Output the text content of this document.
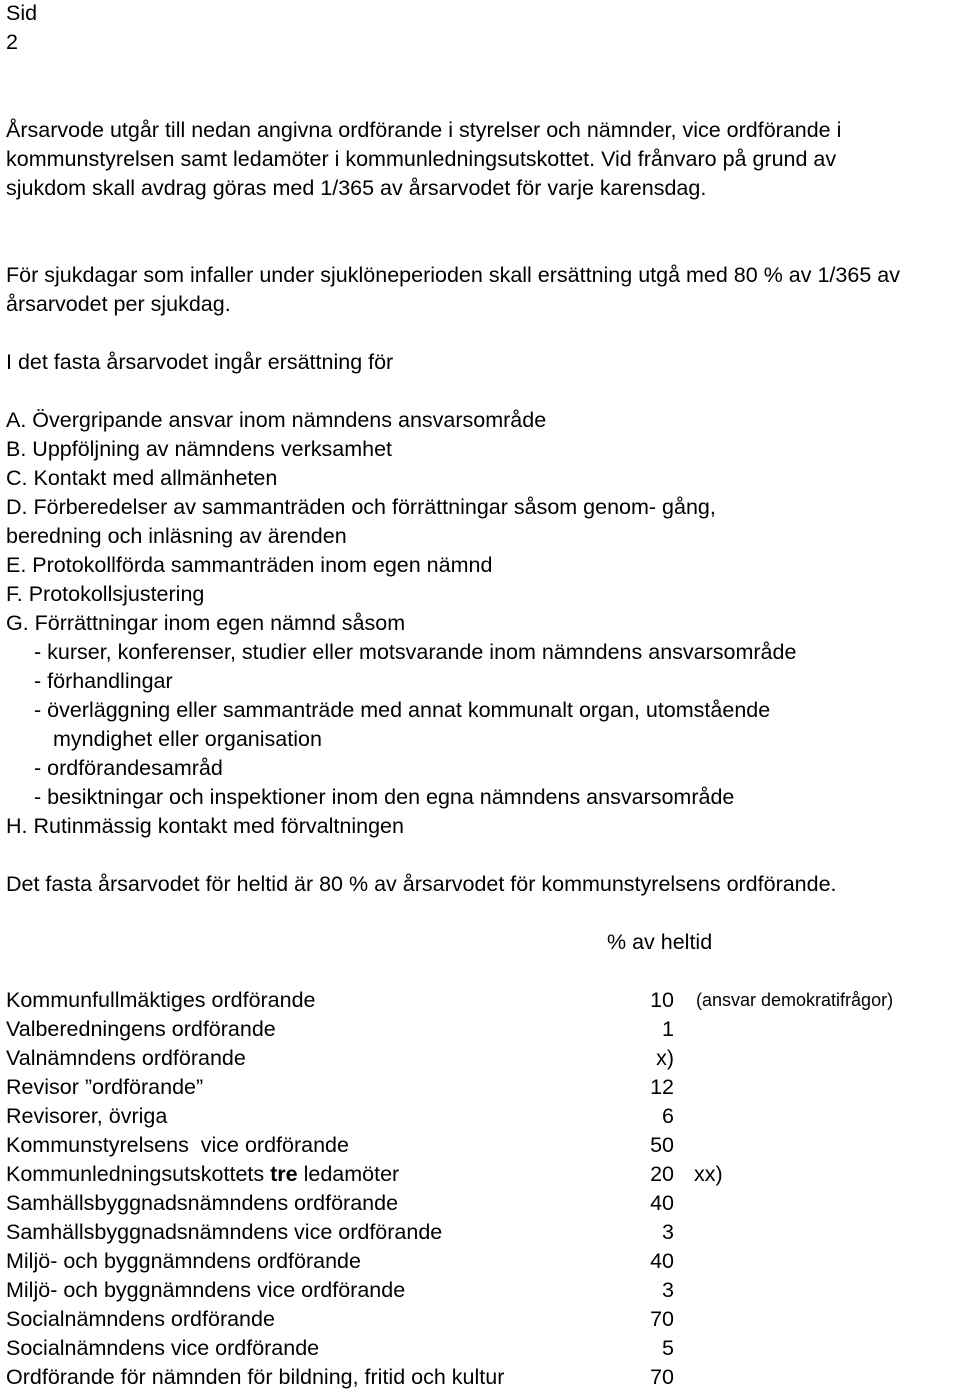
Sid
2

Årsarvode utgår till nedan angivna ordförande i styrelser och nämnder, vice ordförande i kommunstyrelsen samt ledamöter i kommunledningsutskottet. Vid frånvaro på grund av sjukdom skall avdrag göras med 1/365 av årsarvodet för varje karensdag.

För sjukdagar som infaller under sjuklöneperioden skall ersättning utgå med 80 % av 1/365 av årsarvodet per sjukdag.

I det fasta årsarvodet ingår ersättning för

A. Övergripande ansvar inom nämndens ansvarsområde
B. Uppföljning av nämndens verksamhet
C. Kontakt med allmänheten
D. Förberedelser av sammanträden och förrättningar såsom genom- gång,
beredning och inläsning av ärenden
E. Protokollförda sammanträden inom egen nämnd
F. Protokollsjustering
G. Förrättningar inom egen nämnd såsom
- kurser, konferenser, studier eller motsvarande inom nämndens ansvarsområde
- förhandlingar
- överläggning eller sammanträde med annat kommunalt organ, utomstående
myndighet eller organisation
- ordförandesamråd
- besiktningar och inspektioner inom den egna nämndens ansvarsområde
H. Rutinmässig kontakt med förvaltningen

Det fasta årsarvodet för heltid är 80 % av årsarvodet för kommunstyrelsens ordförande.

% av heltid
Kommunfullmäktiges ordförande	10 (ansvar demokratifrågor)
Valberedningens ordförande	1
Valnämndens ordförande	x)
Revisor ”ordförande”	12
Revisorer, övriga	6
Kommunstyrelsens  vice ordförande	50
Kommunledningsutskottets tre ledamöter	20 xx)
Samhällsbyggnadsnämndens ordförande	40
Samhällsbyggnadsnämndens vice ordförande	3
Miljö- och byggnämndens ordförande	40
Miljö- och byggnämndens vice ordförande	3
Socialnämndens ordförande	70
Socialnämndens vice ordförande	5
Ordförande för nämnden för bildning, fritid och kultur	70
